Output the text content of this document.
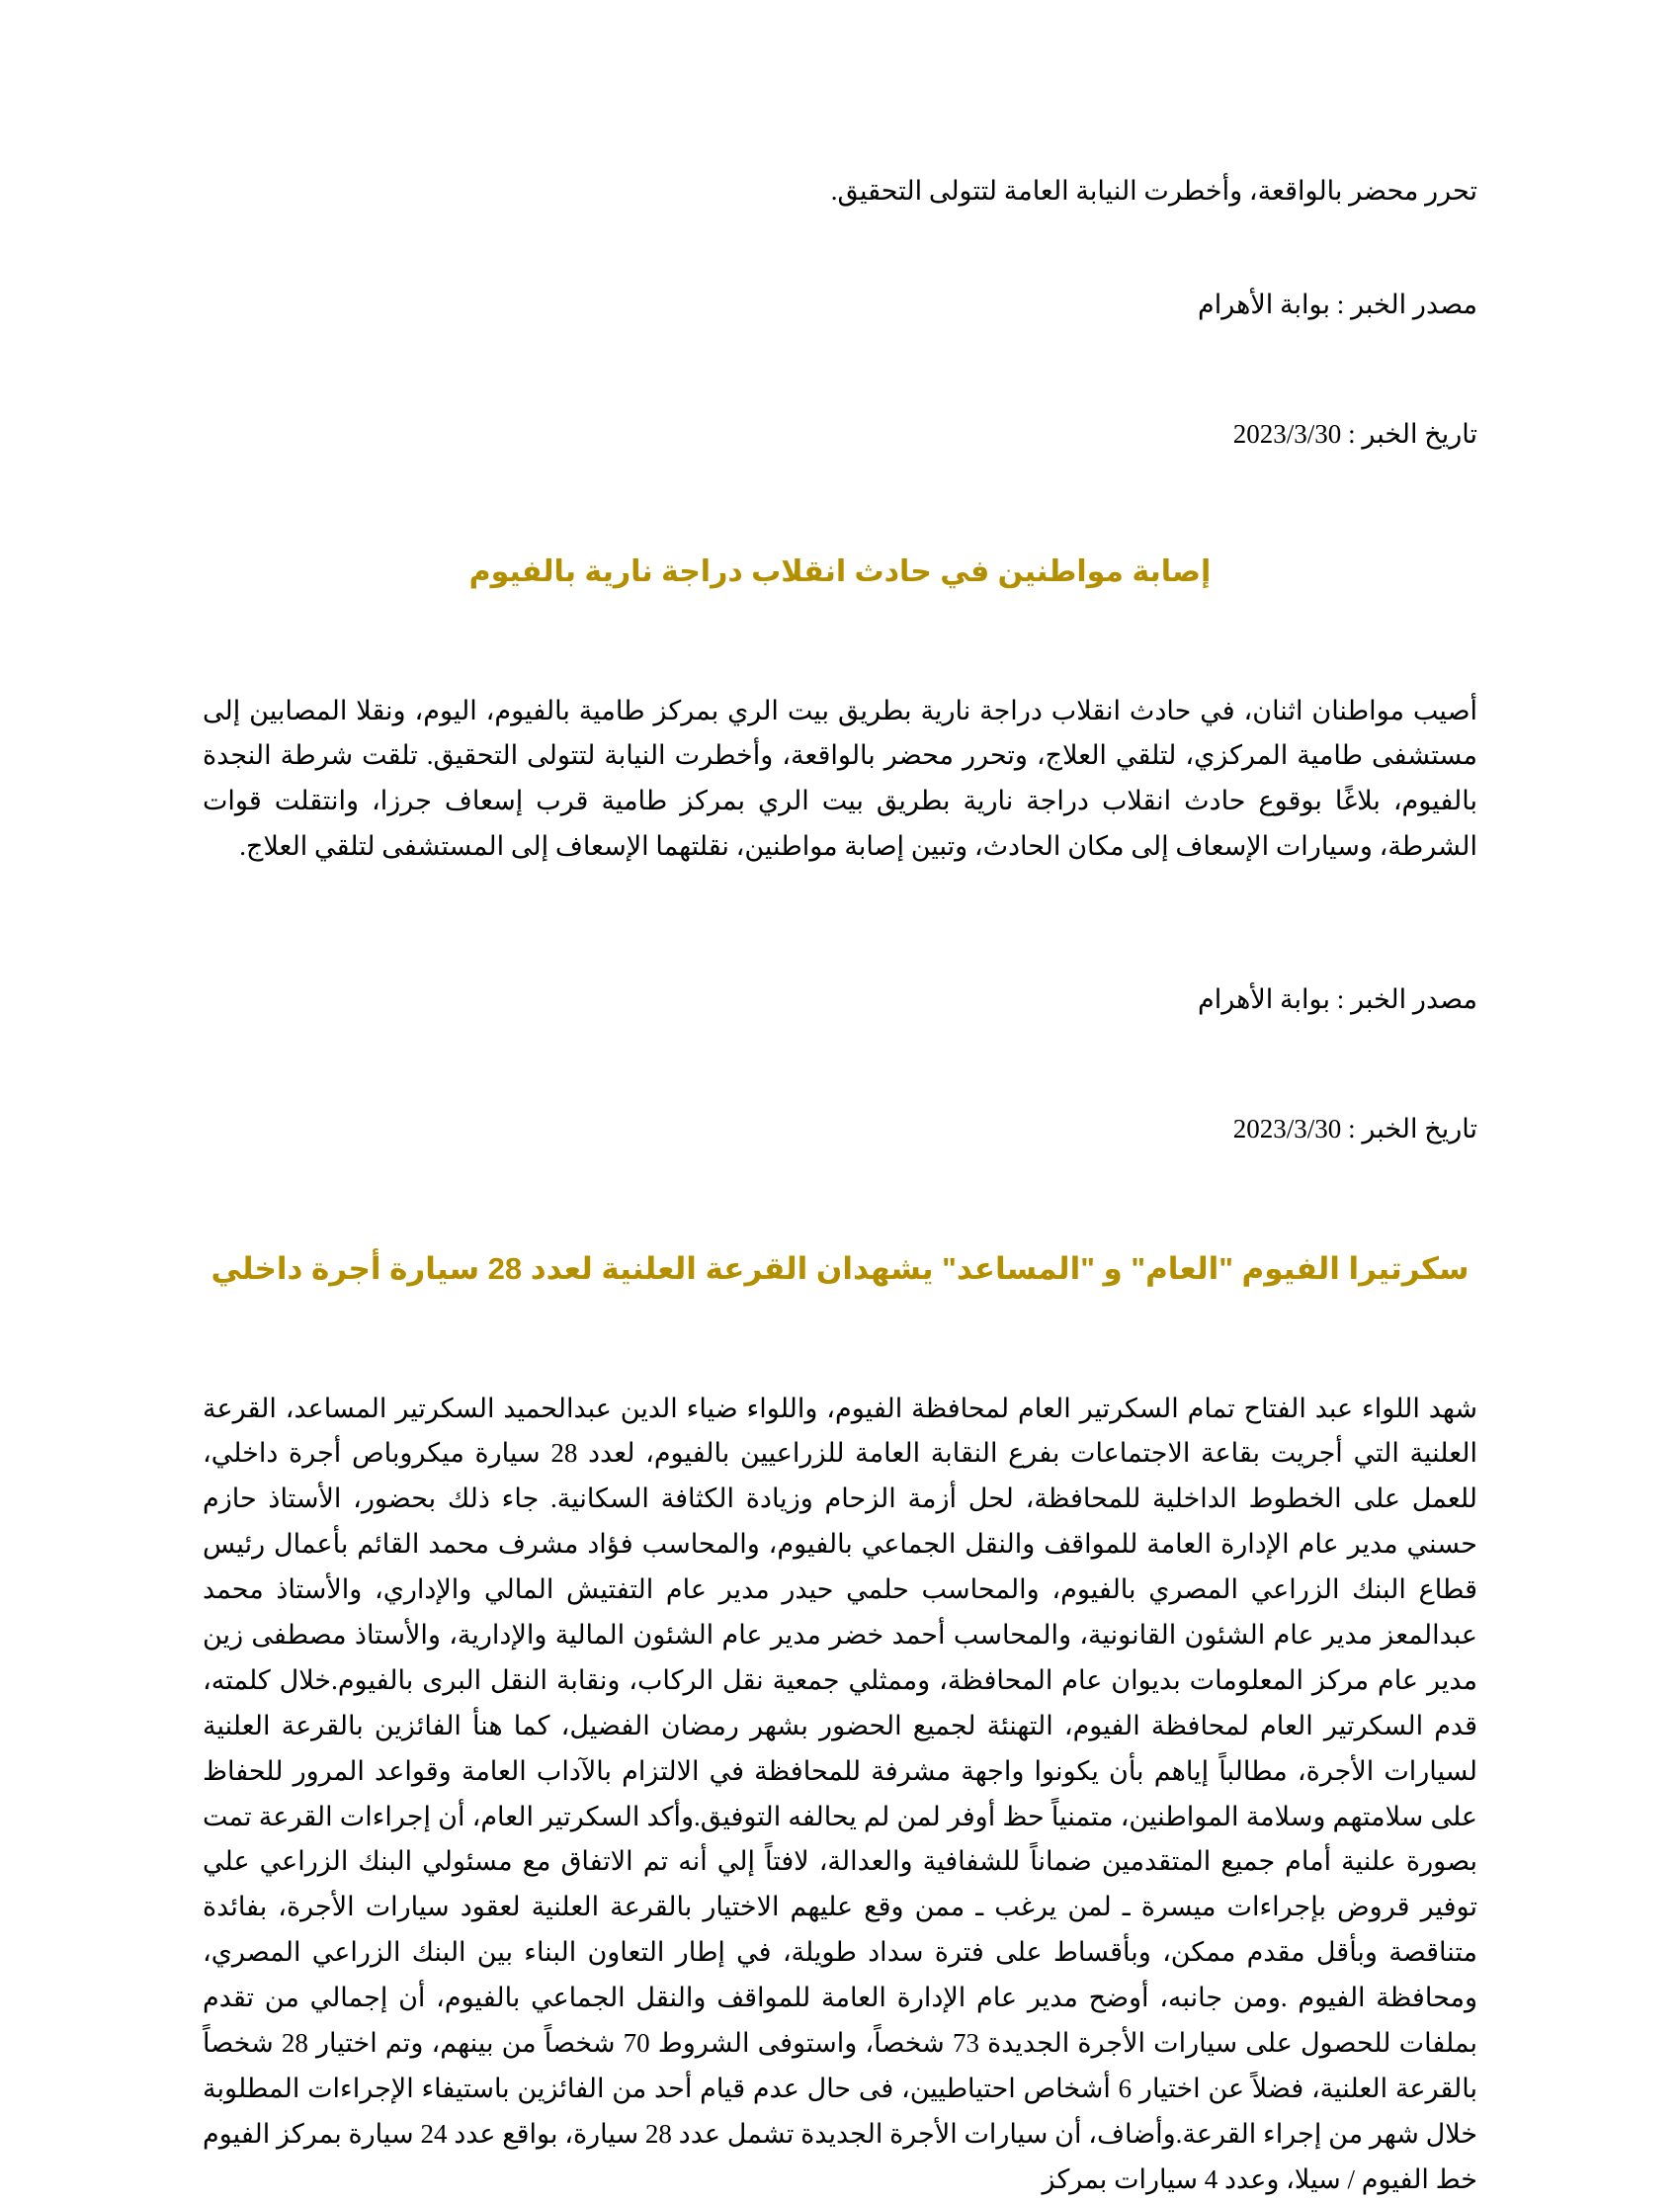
تحرر محضر بالواقعة، وأخطرت النيابة العامة لتتولى التحقيق.

مصدر الخبر : بوابة الأهرام

تاريخ الخبر : 2023/3/30

إصابة مواطنين في حادث انقلاب دراجة نارية بالفيوم

أصيب مواطنان اثنان، في حادث انقلاب دراجة نارية بطريق بيت الري بمركز طامية بالفيوم، اليوم، ونقلا المصابين إلى مستشفى طامية المركزي، لتلقي العلاج، وتحرر محضر بالواقعة، وأخطرت النيابة لتتولى التحقيق. تلقت شرطة النجدة بالفيوم، بلاغًا بوقوع حادث انقلاب دراجة نارية بطريق بيت الري بمركز طامية قرب إسعاف جرزا، وانتقلت قوات الشرطة، وسيارات الإسعاف إلى مكان الحادث، وتبين إصابة مواطنين، نقلتهما الإسعاف إلى المستشفى لتلقي العلاج.

مصدر الخبر : بوابة الأهرام

تاريخ الخبر : 2023/3/30

سكرتيرا الفيوم "العام" و "المساعد" يشهدان القرعة العلنية لعدد 28 سيارة أجرة داخلي

شهد اللواء عبد الفتاح تمام السكرتير العام لمحافظة الفيوم، واللواء ضياء الدين عبدالحميد السكرتير المساعد، القرعة العلنية التي أجريت بقاعة الاجتماعات بفرع النقابة العامة للزراعيين بالفيوم، لعدد 28 سيارة ميكروباص أجرة داخلي، للعمل على الخطوط الداخلية للمحافظة، لحل أزمة الزحام وزيادة الكثافة السكانية. جاء ذلك بحضور، الأستاذ حازم حسني مدير عام الإدارة العامة للمواقف والنقل الجماعي بالفيوم، والمحاسب فؤاد مشرف محمد القائم بأعمال رئيس قطاع البنك الزراعي المصري بالفيوم، والمحاسب حلمي حيدر مدير عام التفتيش المالي والإداري، والأستاذ محمد عبدالمعز مدير عام الشئون القانونية، والمحاسب أحمد خضر مدير عام الشئون المالية والإدارية، والأستاذ مصطفى زين مدير عام مركز المعلومات بديوان عام المحافظة، وممثلي جمعية نقل الركاب، ونقابة النقل البرى بالفيوم.خلال كلمته، قدم السكرتير العام لمحافظة الفيوم، التهنئة لجميع الحضور بشهر رمضان الفضيل، كما هنأ الفائزين بالقرعة العلنية لسيارات الأجرة، مطالباً إياهم بأن يكونوا واجهة مشرفة للمحافظة في الالتزام بالآداب العامة وقواعد المرور للحفاظ على سلامتهم وسلامة المواطنين، متمنياً حظ أوفر لمن لم يحالفه التوفيق.وأكد السكرتير العام، أن إجراءات القرعة تمت بصورة علنية أمام جميع المتقدمين ضماناً للشفافية والعدالة، لافتاً إلي أنه تم الاتفاق مع مسئولي البنك الزراعي علي توفير قروض بإجراءات ميسرة ـ لمن يرغب ـ ممن وقع عليهم الاختيار بالقرعة العلنية لعقود سيارات الأجرة، بفائدة متناقصة وبأقل مقدم ممكن، وبأقساط على فترة سداد طويلة، في إطار التعاون البناء بين البنك الزراعي المصري، ومحافظة الفيوم .ومن جانبه، أوضح مدير عام الإدارة العامة للمواقف والنقل الجماعي بالفيوم، أن إجمالي من تقدم بملفات للحصول على سيارات الأجرة الجديدة 73 شخصاً، واستوفى الشروط 70 شخصاً من بينهم، وتم اختيار 28 شخصاً بالقرعة العلنية، فضلاً عن اختيار 6 أشخاص احتياطيين، فى حال عدم قيام أحد من الفائزين باستيفاء الإجراءات المطلوبة خلال شهر من إجراء القرعة.وأضاف، أن سيارات الأجرة الجديدة تشمل عدد 28 سيارة، بواقع عدد 24 سيارة بمركز الفيوم خط الفيوم / سيلا، وعدد 4 سيارات بمركز
